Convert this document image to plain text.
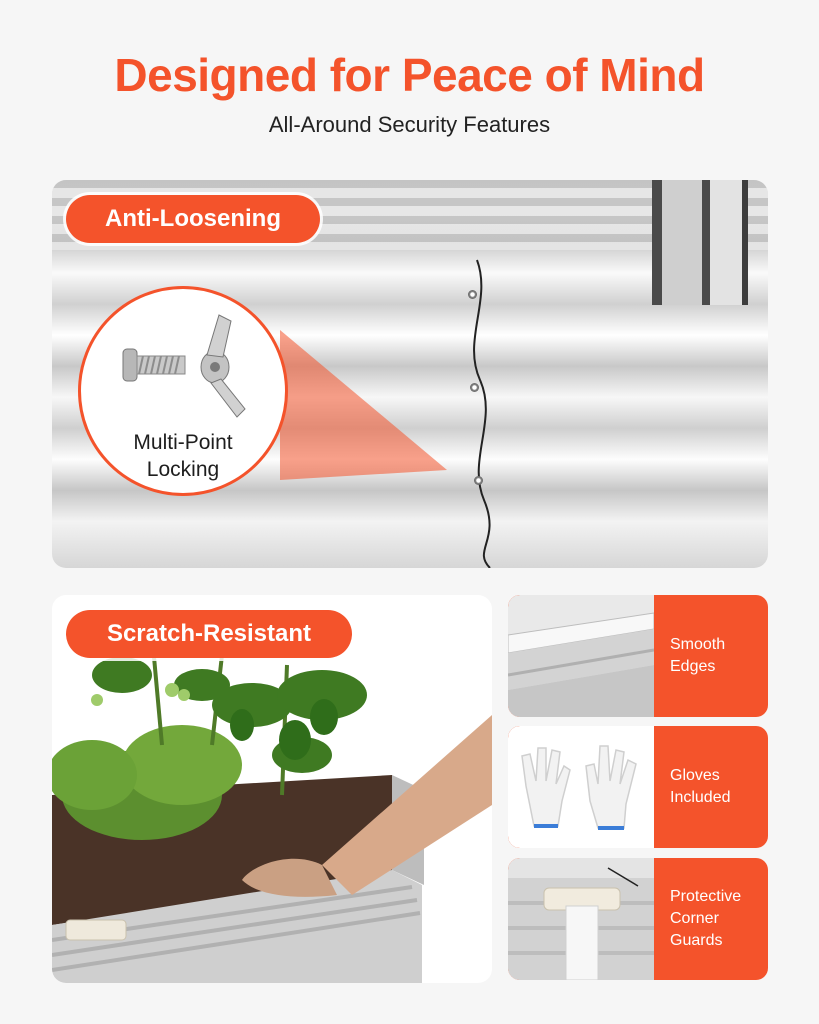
Designed for Peace of Mind
All-Around Security Features
Anti-Loosening
Multi-Point
Locking
Scratch-Resistant	Smooth
Edges
Gloves
Included
Protective
Corner
Guards
